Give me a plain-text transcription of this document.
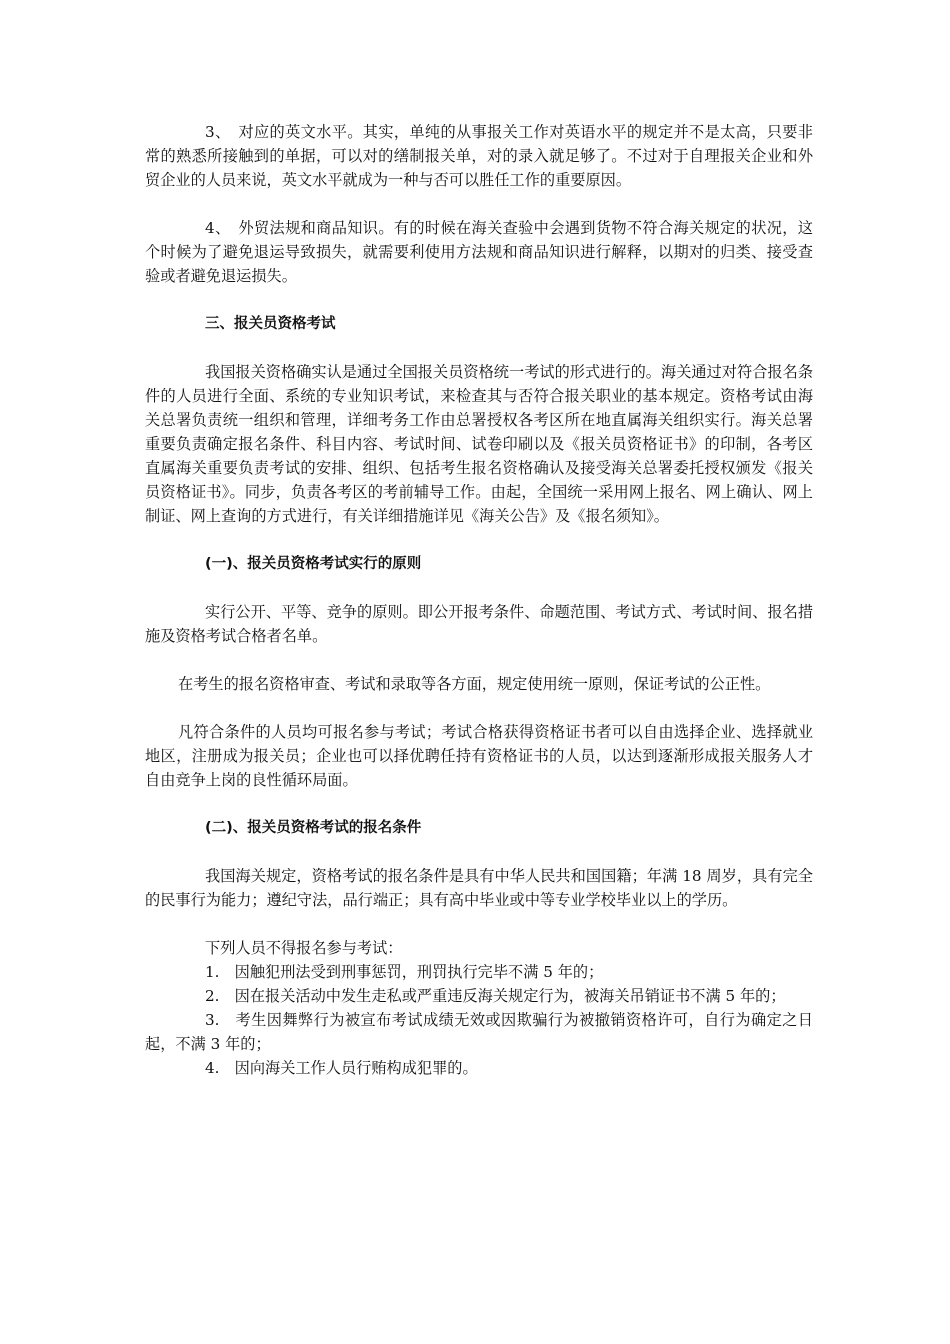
3、　对应的英文水平。其实，单纯的从事报关工作对英语水平的规定并不是太高，只要非常的熟悉所接触到的单据，可以对的缮制报关单，对的录入就足够了。不过对于自理报关企业和外贸企业的人员来说，英文水平就成为一种与否可以胜任工作的重要原因。

4、　外贸法规和商品知识。有的时候在海关查验中会遇到货物不符合海关规定的状况，这个时候为了避免退运导致损失，就需要利使用方法规和商品知识进行解释，以期对的归类、接受查验或者避免退运损失。

三、报关员资格考试

我国报关资格确实认是通过全国报关员资格统一考试的形式进行的。海关通过对符合报名条件的人员进行全面、系统的专业知识考试，来检查其与否符合报关职业的基本规定。资格考试由海关总署负责统一组织和管理，详细考务工作由总署授权各考区所在地直属海关组织实行。海关总署重要负责确定报名条件、科目内容、考试时间、试卷印刷以及《报关员资格证书》的印制，各考区直属海关重要负责考试的安排、组织、包括考生报名资格确认及接受海关总署委托授权颁发《报关员资格证书》。同步，负责各考区的考前辅导工作。由起，全国统一采用网上报名、网上确认、网上制证、网上查询的方式进行，有关详细措施详见《海关公告》及《报名须知》。

(一)、报关员资格考试实行的原则

实行公开、平等、竞争的原则。即公开报考条件、命题范围、考试方式、考试时间、报名措施及资格考试合格者名单。

在考生的报名资格审查、考试和录取等各方面，规定使用统一原则，保证考试的公正性。

凡符合条件的人员均可报名参与考试；考试合格获得资格证书者可以自由选择企业、选择就业地区，注册成为报关员；企业也可以择优聘任持有资格证书的人员，以达到逐渐形成报关服务人才自由竞争上岗的良性循环局面。

(二)、报关员资格考试的报名条件

我国海关规定，资格考试的报名条件是具有中华人民共和国国籍；年满 18 周岁，具有完全的民事行为能力；遵纪守法，品行端正；具有高中毕业或中等专业学校毕业以上的学历。

下列人员不得报名参与考试：

1.　因触犯刑法受到刑事惩罚，刑罚执行完毕不满 5 年的；

2.　因在报关活动中发生走私或严重违反海关规定行为，被海关吊销证书不满 5 年的；

3.　考生因舞弊行为被宣布考试成绩无效或因欺骗行为被撤销资格许可，自行为确定之日起，不满 3 年的；

4.　因向海关工作人员行贿构成犯罪的。
